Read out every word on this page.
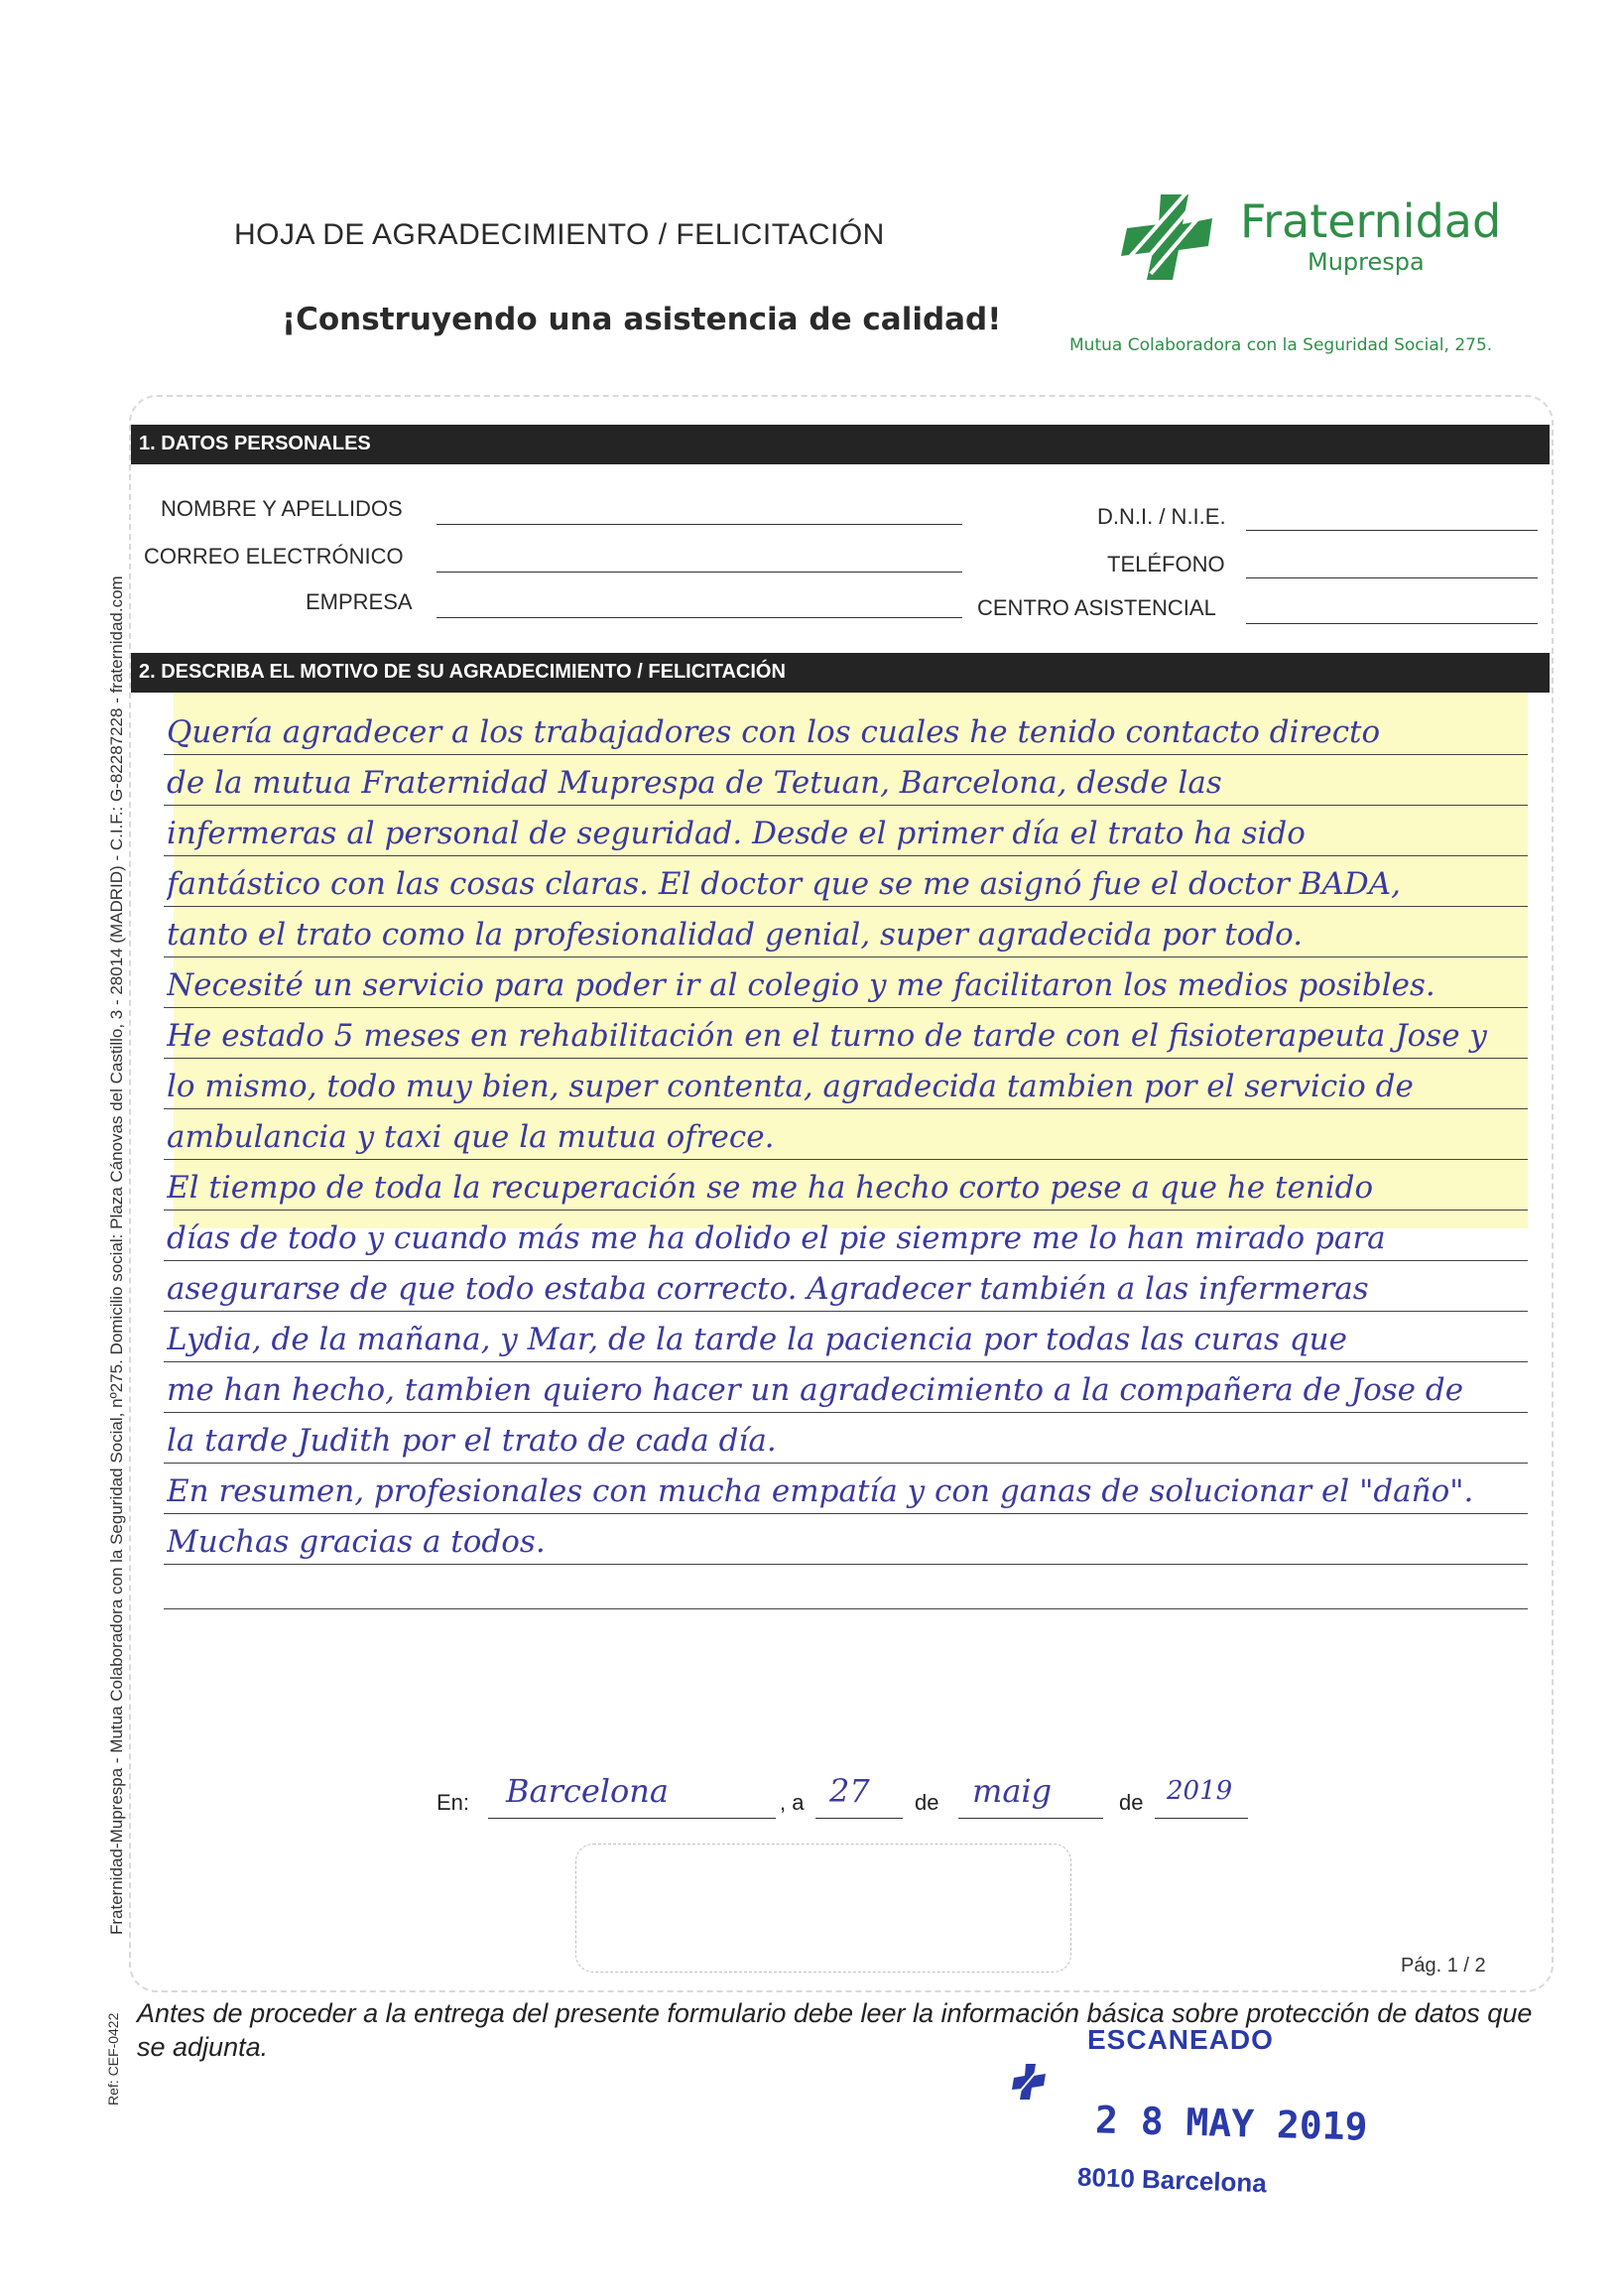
HOJA DE AGRADECIMIENTO / FELICITACIÓN
¡Construyendo una asistencia de calidad!
Fraternidad
Muprespa
Mutua Colaboradora con la Seguridad Social, 275.
Fraternidad-Muprespa - Mutua Colaboradora con la Seguridad Social, nº275. Domicilio social: Plaza Cánovas del Castillo, 3 - 28014 (MADRID) - C.I.F.: G-82287228 - fraternidad.com
Ref: CEF-0422
1. DATOS PERSONALES
NOMBRE Y APELLIDOS
CORREO ELECTRÓNICO
EMPRESA
D.N.I. / N.I.E.
TELÉFONO
CENTRO ASISTENCIAL
2. DESCRIBA EL MOTIVO DE SU AGRADECIMIENTO / FELICITACIÓN
Quería agradecer a los trabajadores con los cuales he tenido contacto directo
de la mutua Fraternidad Muprespa de Tetuan, Barcelona, desde las
infermeras al personal de seguridad. Desde el primer día el trato ha sido
fantástico con las cosas claras. El doctor que se me asignó fue el doctor BADA,
tanto el trato como la profesionalidad genial, super agradecida por todo.
Necesité un servicio para poder ir al colegio y me facilitaron los medios posibles.
He estado 5 meses en rehabilitación en el turno de tarde con el fisioterapeuta Jose y
lo mismo, todo muy bien, super contenta, agradecida tambien por el servicio de
ambulancia y taxi que la mutua ofrece.
El tiempo de toda la recuperación se me ha hecho corto pese a que he tenido
días de todo y cuando más me ha dolido el pie siempre me lo han mirado para
asegurarse de que todo estaba correcto. Agradecer también a las infermeras
Lydia, de la mañana, y Mar, de la tarde la paciencia por todas las curas que
me han hecho, tambien quiero hacer un agradecimiento a la compañera de Jose de
la tarde Judith por el trato de cada día.
En resumen, profesionales con mucha empatía y con ganas de solucionar el "daño".
Muchas gracias a todos.
En: Barcelona	, a 27 de maig	de 2019
Pág. 1 / 2
Antes de proceder a la entrega del presente formulario debe leer la información básica sobre protección de datos que se adjunta.	ESCANEADO
2 8 MAY 2019
8010 Barcelona
